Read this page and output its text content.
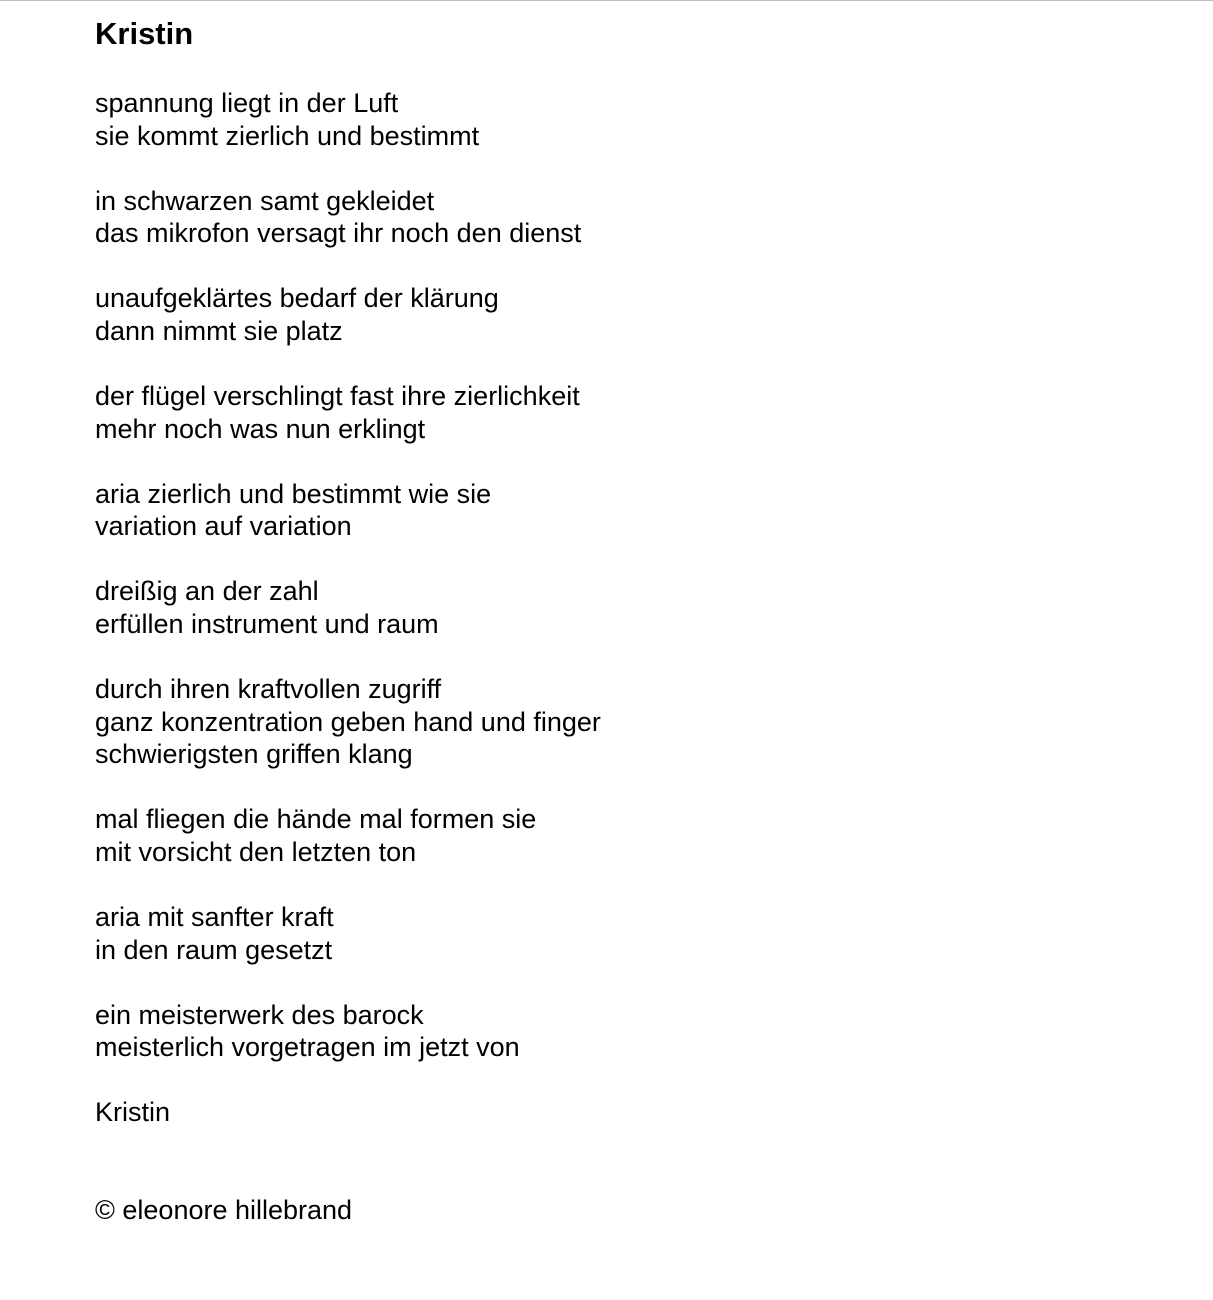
Kristin
spannung liegt in der Luft
sie kommt zierlich und bestimmt
in schwarzen samt gekleidet
das mikrofon versagt ihr noch den dienst
unaufgeklärtes bedarf der klärung
dann nimmt sie platz
der flügel verschlingt fast ihre zierlichkeit
mehr noch was nun erklingt
aria zierlich und bestimmt wie sie
variation auf variation
dreißig an der zahl
erfüllen instrument und raum
durch ihren kraftvollen zugriff
ganz konzentration geben hand und finger
schwierigsten griffen klang
mal fliegen die hände mal formen sie
mit vorsicht den letzten ton
aria mit sanfter kraft
in den raum gesetzt
ein meisterwerk des barock
meisterlich vorgetragen im jetzt von
Kristin
© eleonore hillebrand
